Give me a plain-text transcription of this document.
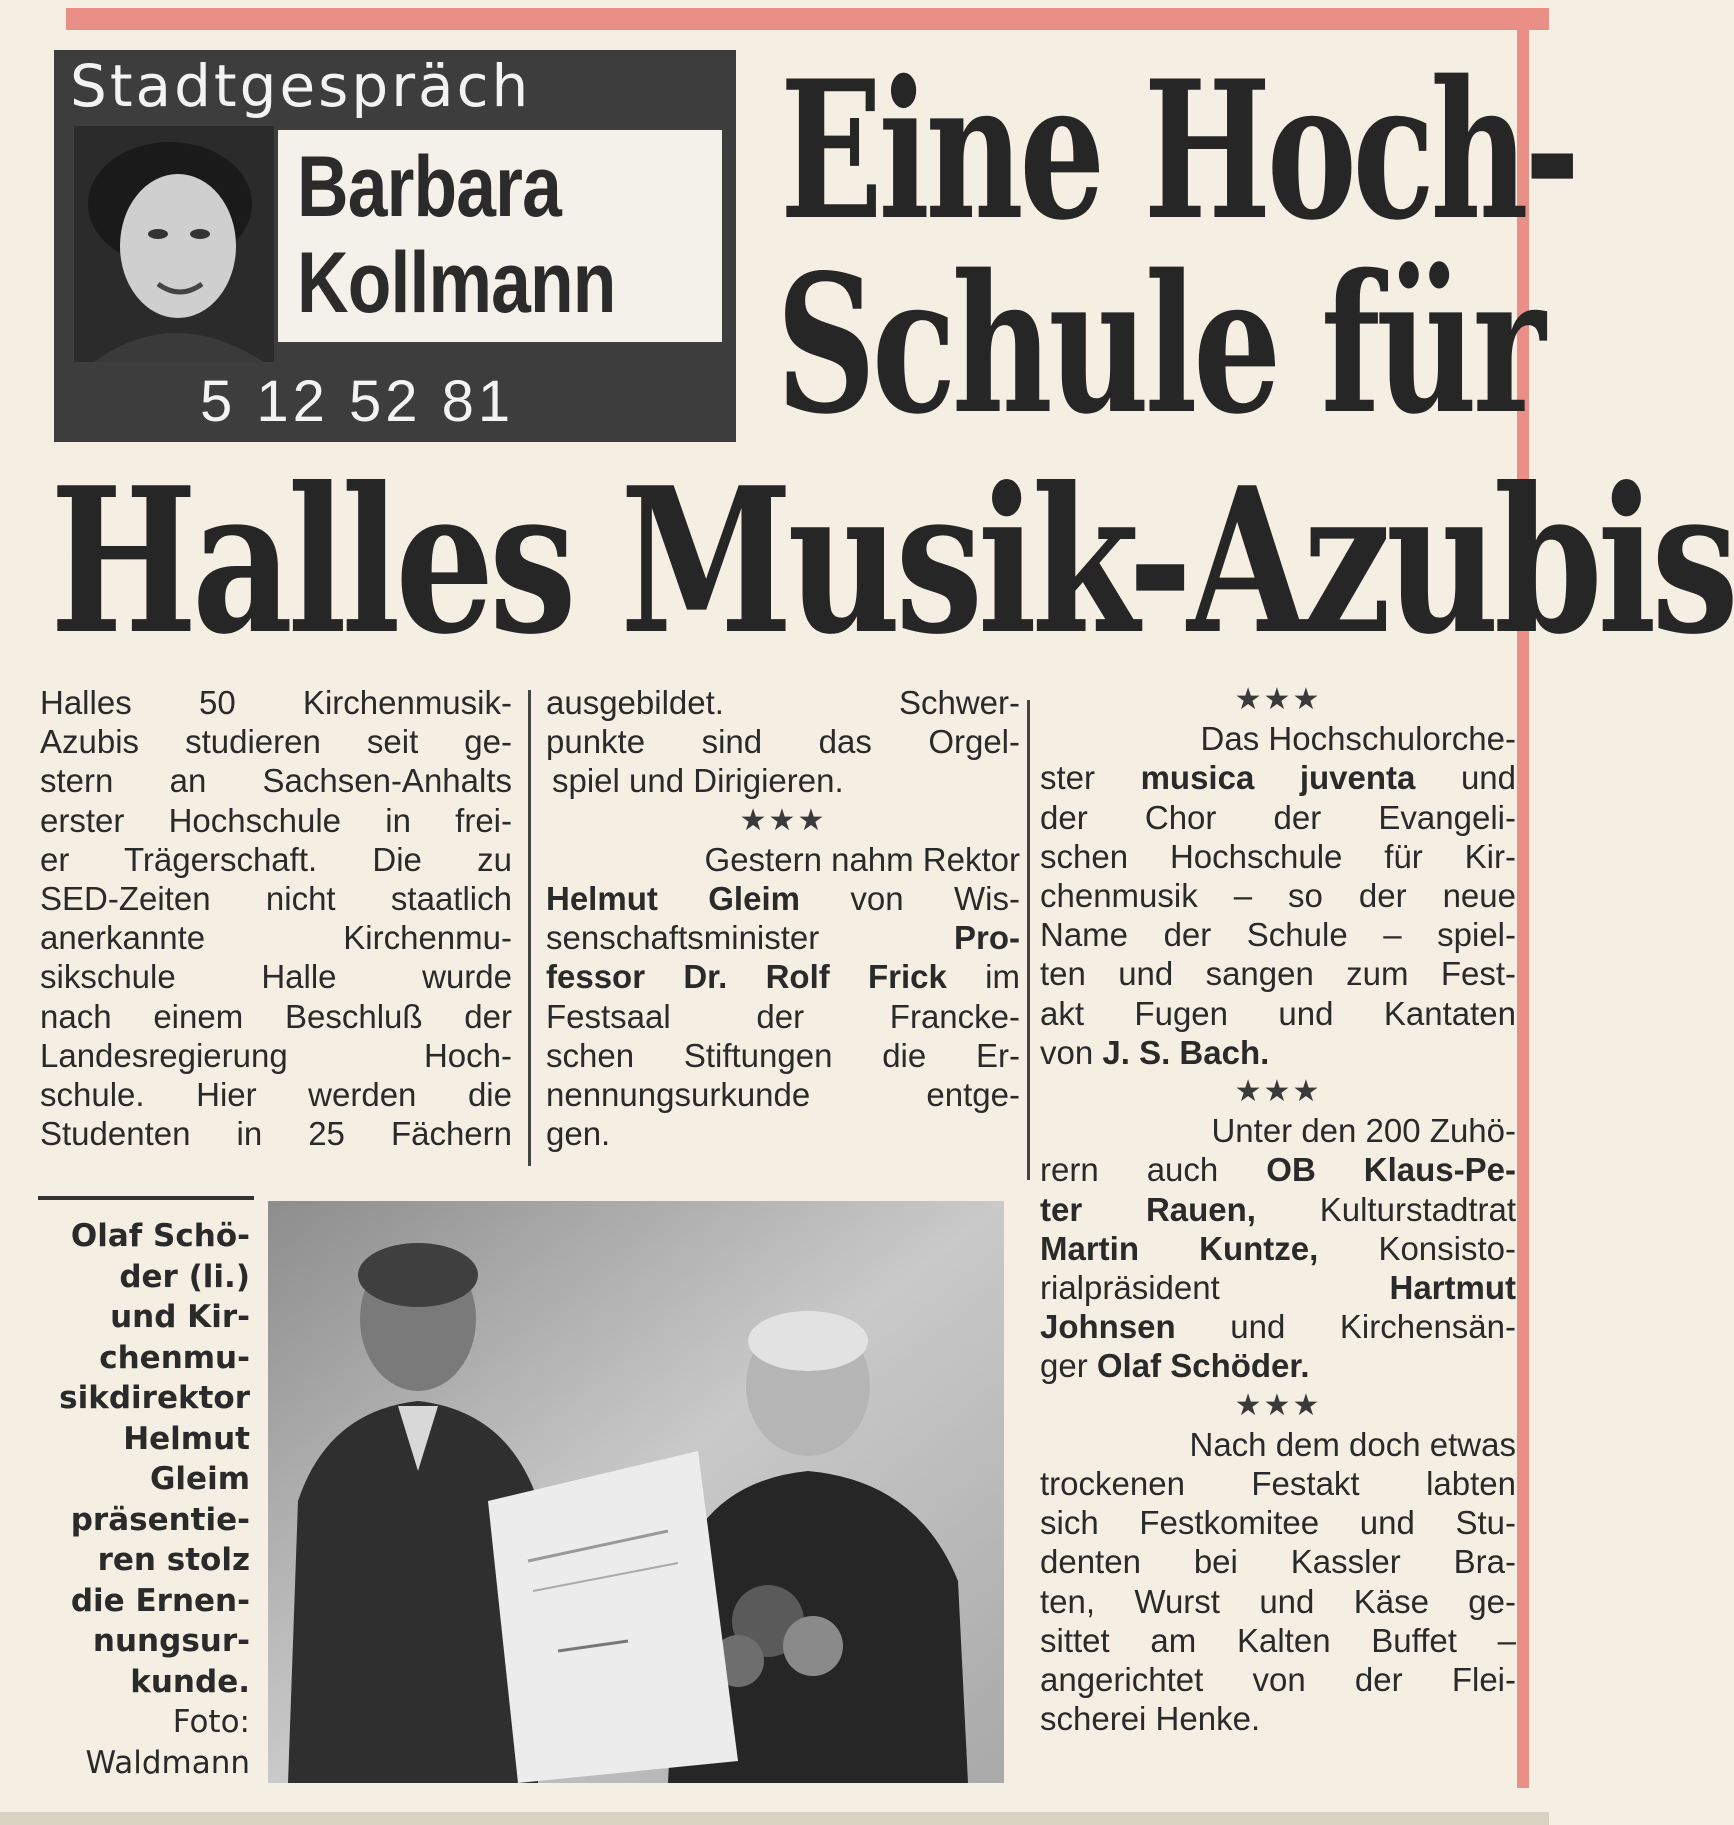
Stadtgespräch
Barbara
Kollmann
5 12 52 81
Eine Hoch-
Schule für
Halles Musik-Azubis
Halles 50 Kirchenmusik-
Azubis studieren seit ge-
stern an Sachsen-Anhalts
erster Hochschule in frei-
er Trägerschaft. Die zu
SED-Zeiten nicht staatlich
anerkannte Kirchenmu-
sikschule Halle wurde
nach einem Beschluß der
Landesregierung Hoch-
schule. Hier werden die
Studenten in 25 Fächern
ausgebildet. Schwer-
punkte sind das Orgel-
spiel und Dirigieren.
★★★
Gestern nahm Rektor
Helmut Gleim von Wis-
senschaftsminister	Pro-
fessor Dr. Rolf Frick im
Festsaal der Francke-
schen Stiftungen die Er-
nennungsurkunde entge-
gen.
★★★
Das Hochschulorche-
ster musica juventa und
der Chor der Evangeli-
schen Hochschule für Kir-
chenmusik – so der neue
Name der Schule – spiel-
ten und sangen zum Fest-
akt Fugen und Kantaten
von J. S. Bach.
★★★
Unter den 200 Zuhö-
rern auch OB Klaus-Pe-
ter Rauen, Kulturstadtrat
Martin Kuntze, Konsisto-
rialpräsident	Hartmut
Johnsen und Kirchensän-
ger Olaf Schöder.
★★★
Nach dem doch etwas
trockenen Festakt labten
sich Festkomitee und Stu-
denten bei Kassler Bra-
ten, Wurst und Käse ge-
sittet am Kalten Buffet –
angerichtet von der Flei-
scherei Henke.
Olaf Schö-
der (li.)
und Kir-
chenmu-
sikdirektor
Helmut
Gleim
präsentie-
ren stolz
die Ernen-
nungsur-
kunde.
Foto:
Waldmann
